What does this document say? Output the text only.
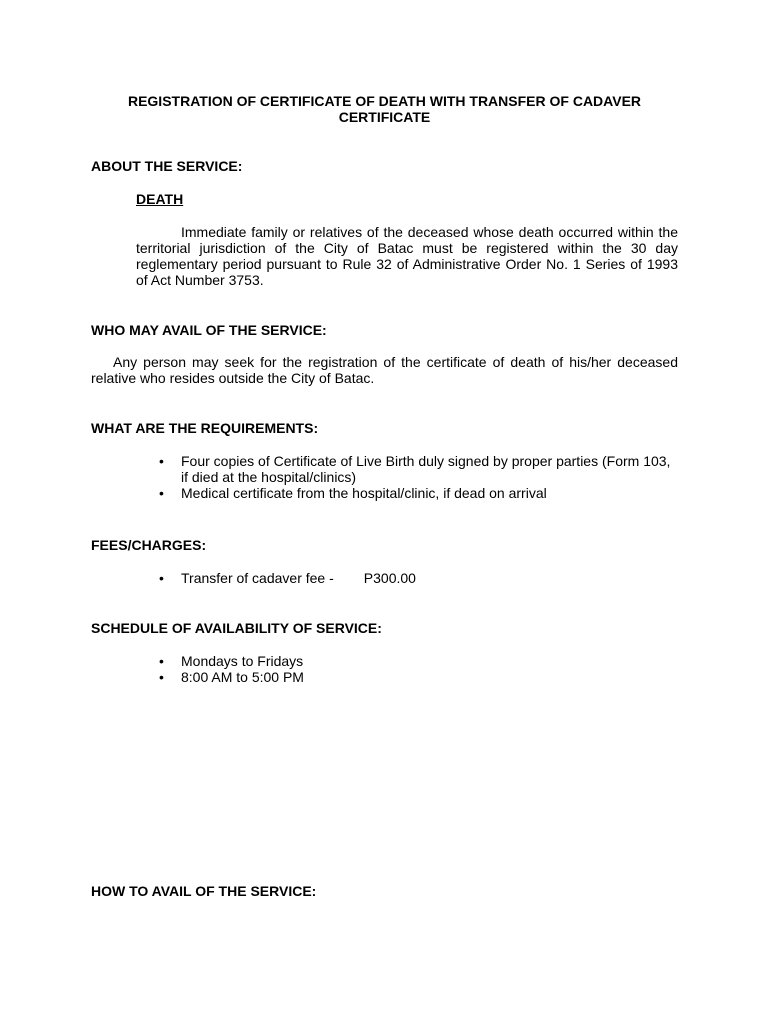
REGISTRATION OF CERTIFICATE OF DEATH WITH TRANSFER OF CADAVER
CERTIFICATE
ABOUT THE SERVICE:
DEATH
Immediate family or relatives of the deceased whose death occurred within the territorial jurisdiction of the City of Batac must be registered within the 30 day reglementary period pursuant to Rule 32 of Administrative Order No. 1 Series of 1993 of Act Number 3753.
WHO MAY AVAIL OF THE SERVICE:
Any person may seek for the registration of the certificate of death of his/her deceased relative who resides outside the City of Batac.
WHAT ARE THE REQUIREMENTS:
• Four copies of Certificate of Live Birth duly signed by proper parties (Form 103, if died at the hospital/clinics)
• Medical certificate from the hospital/clinic, if dead on arrival
FEES/CHARGES:
• Transfer of cadaver fee - P300.00
SCHEDULE OF AVAILABILITY OF SERVICE:
• Mondays to Fridays
• 8:00 AM to 5:00 PM
HOW TO AVAIL OF THE SERVICE:
